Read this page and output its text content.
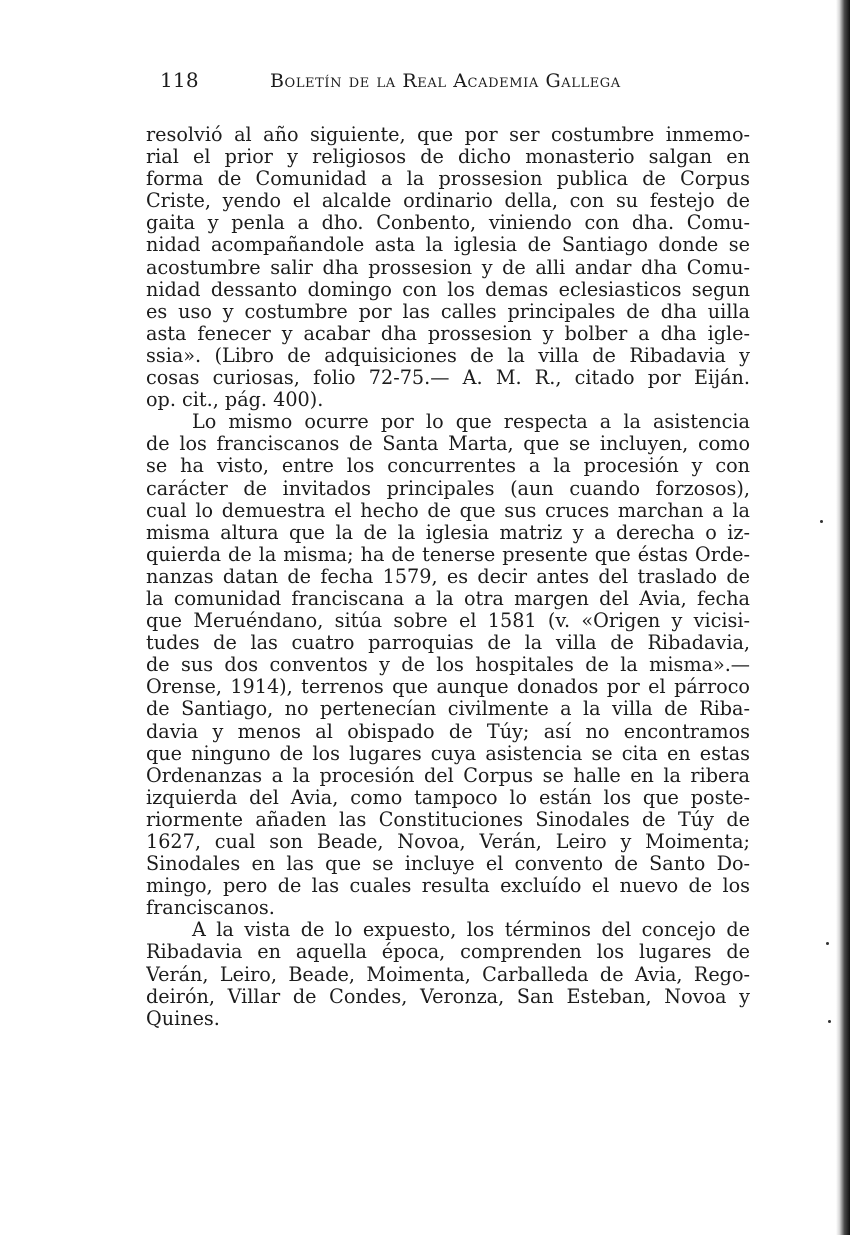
118	Boletín de la Real Academia Gallega
resolvió al año siguiente, que por ser costumbre inmemo-
rial el prior y religiosos de dicho monasterio salgan en
forma de Comunidad a la prossesion publica de Corpus
Criste, yendo el alcalde ordinario della, con su festejo de
gaita y penla a dho. Conbento, viniendo con dha. Comu-
nidad acompañandole asta la iglesia de Santiago donde se
acostumbre salir dha prossesion y de alli andar dha Comu-
nidad dessanto domingo con los demas eclesiasticos segun
es uso y costumbre por las calles principales de dha uilla
asta fenecer y acabar dha prossesion y bolber a dha igle-
ssia». (Libro de adquisiciones de la villa de Ribadavia y
cosas curiosas, folio 72-75.— A. M. R., citado por Eiján.
op. cit., pág. 400).
Lo mismo ocurre por lo que respecta a la asistencia
de los franciscanos de Santa Marta, que se incluyen, como
se ha visto, entre los concurrentes a la procesión y con
carácter de invitados principales (aun cuando forzosos),
cual lo demuestra el hecho de que sus cruces marchan a la
misma altura que la de la iglesia matriz y a derecha o iz-
quierda de la misma; ha de tenerse presente que éstas Orde-
nanzas datan de fecha 1579, es decir antes del traslado de
la comunidad franciscana a la otra margen del Avia, fecha
que Meruéndano, sitúa sobre el 1581 (v. «Origen y vicisi-
tudes de las cuatro parroquias de la villa de Ribadavia,
de sus dos conventos y de los hospitales de la misma».—
Orense, 1914), terrenos que aunque donados por el párroco
de Santiago, no pertenecían civilmente a la villa de Riba-
davia y menos al obispado de Túy; así no encontramos
que ninguno de los lugares cuya asistencia se cita en estas
Ordenanzas a la procesión del Corpus se halle en la ribera
izquierda del Avia, como tampoco lo están los que poste-
riormente añaden las Constituciones Sinodales de Túy de
1627, cual son Beade, Novoa, Verán, Leiro y Moimenta;
Sinodales en las que se incluye el convento de Santo Do-
mingo, pero de las cuales resulta excluído el nuevo de los
franciscanos.
A la vista de lo expuesto, los términos del concejo de
Ribadavia en aquella época, comprenden los lugares de
Verán, Leiro, Beade, Moimenta, Carballeda de Avia, Rego-
deirón, Villar de Condes, Veronza, San Esteban, Novoa y
Quines.
